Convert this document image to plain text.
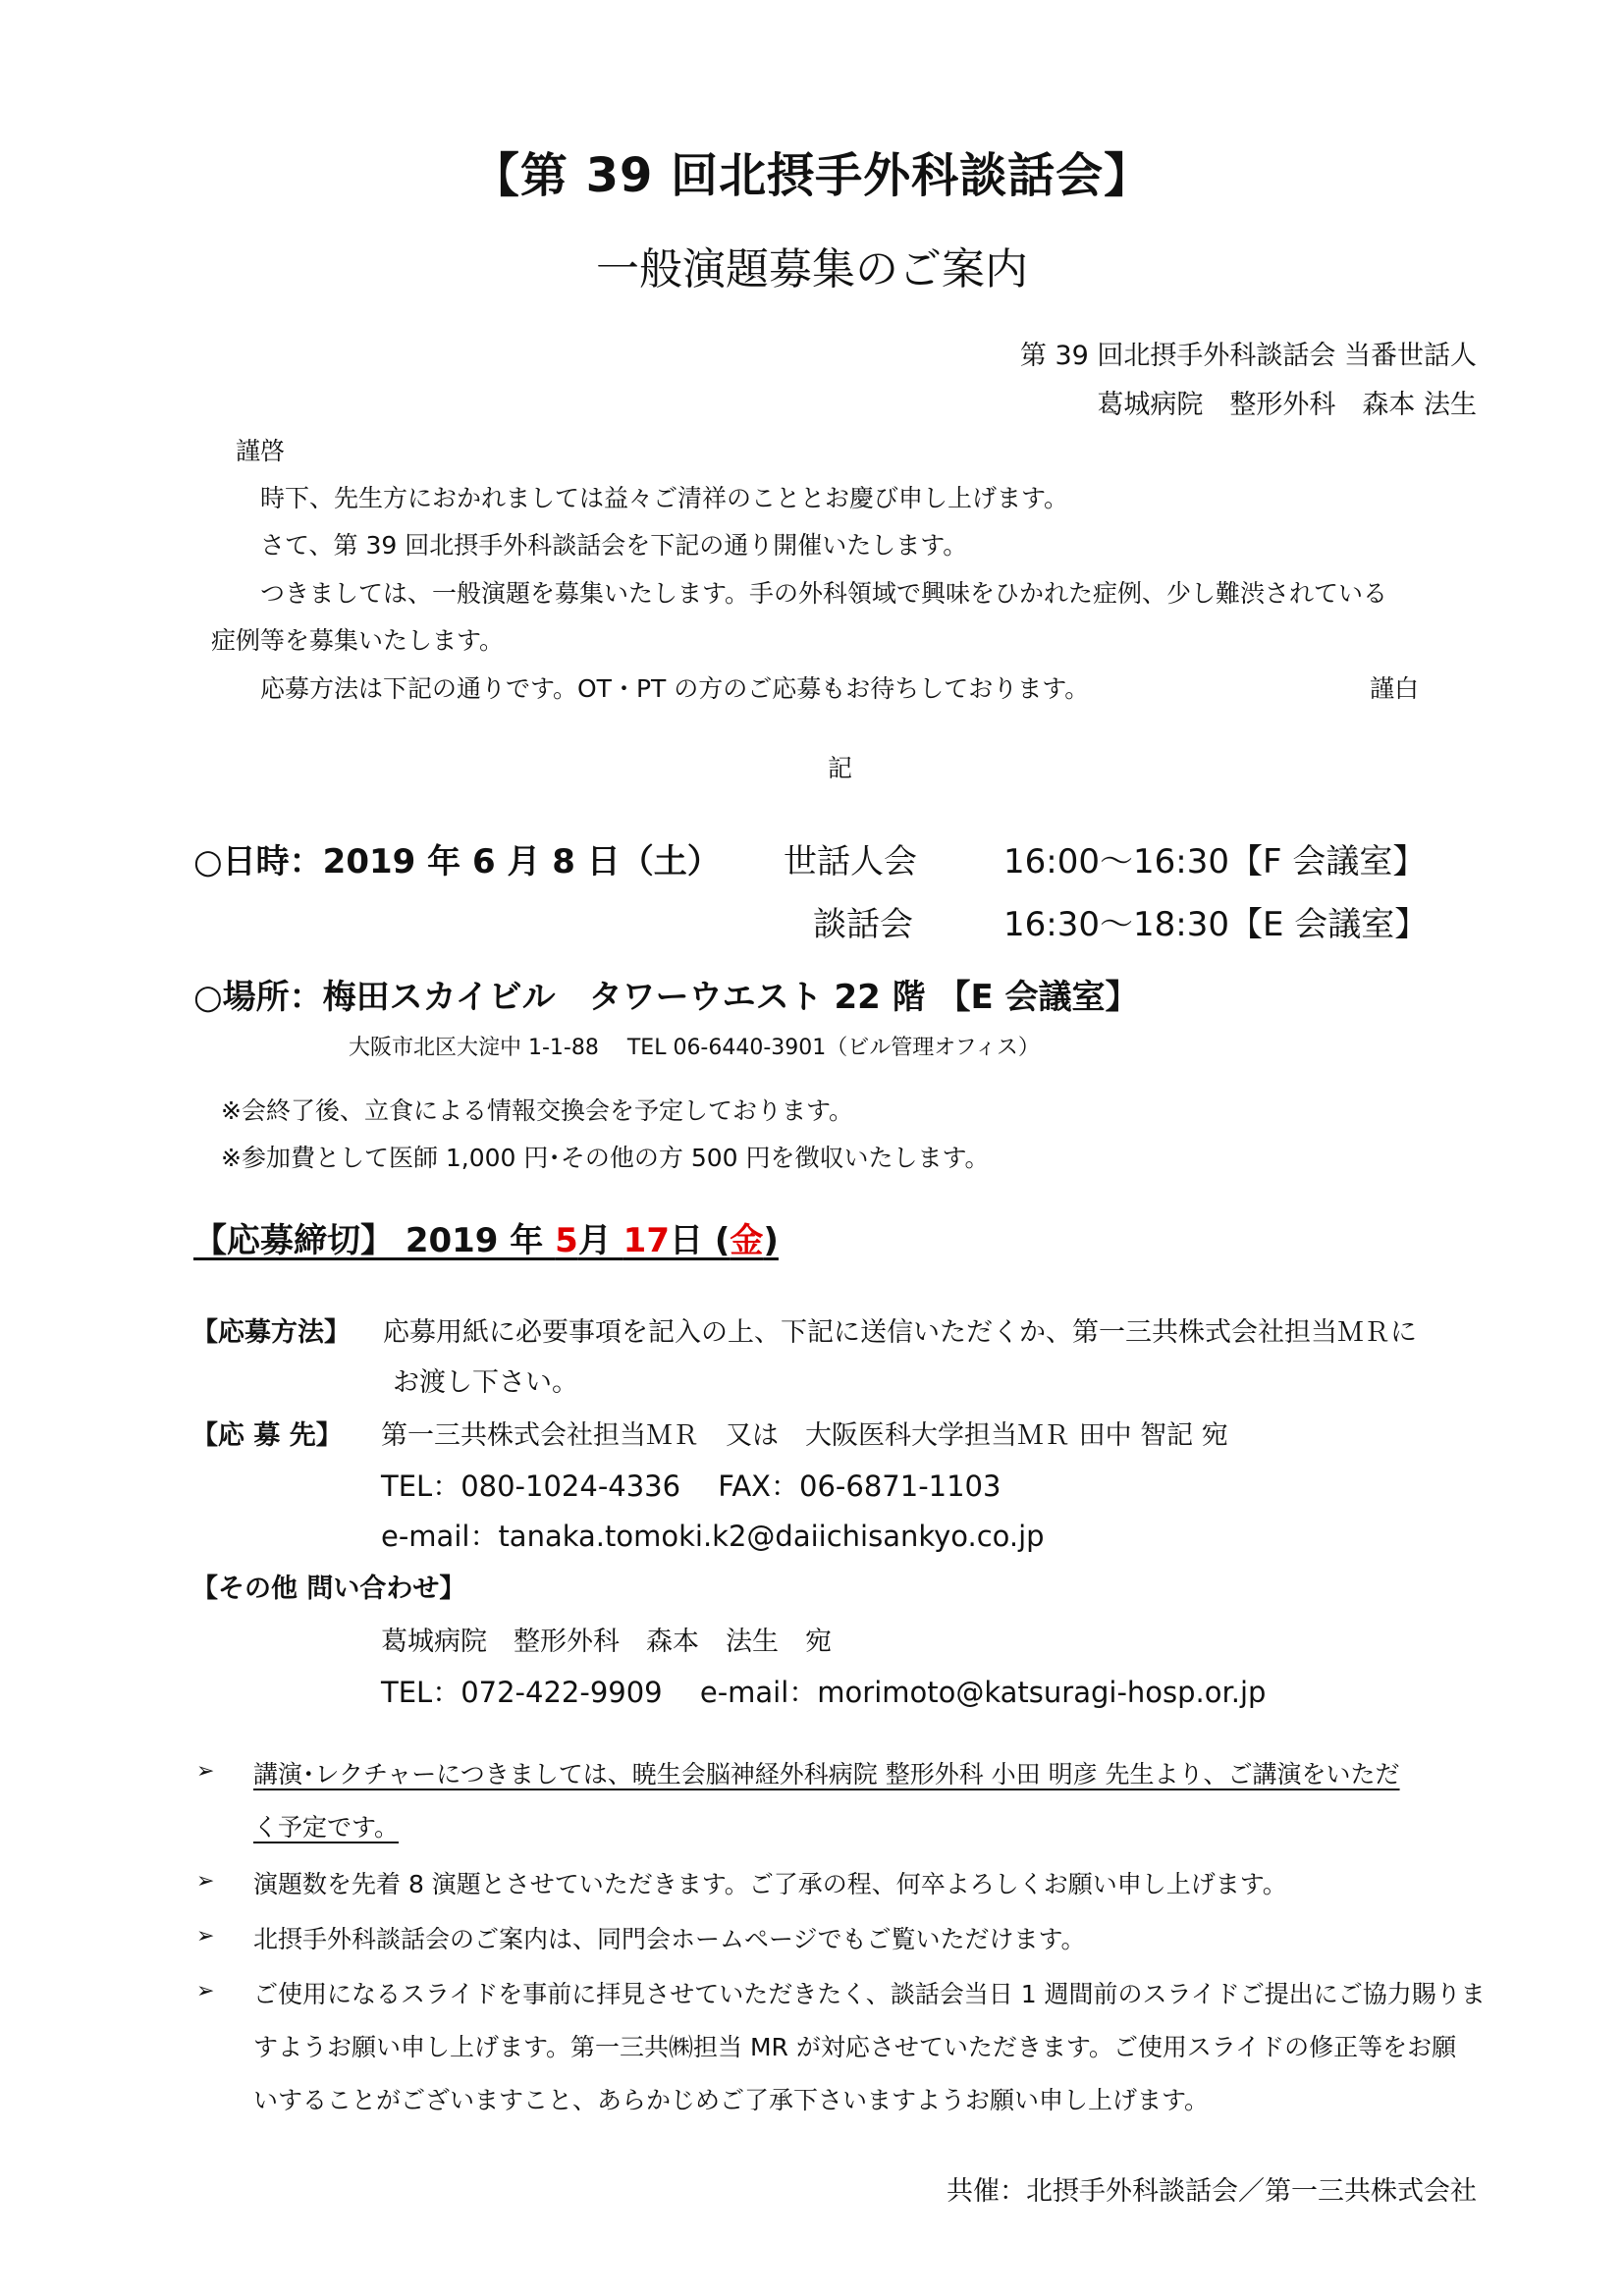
【第 39 回北摂手外科談話会】
一般演題募集のご案内
第 39 回北摂手外科談話会 当番世話人
葛城病院　整形外科　森本 法生
謹啓
時下、先生方におかれましては益々ご清祥のこととお慶び申し上げます。
さて、第 39 回北摂手外科談話会を下記の通り開催いたします。
つきましては、一般演題を募集いたします。手の外科領域で興味をひかれた症例、少し難渋されている
症例等を募集いたします。
応募方法は下記の通りです。OT・PT の方のご応募もお待ちしております。	謹白
記
○日時：2019 年 6 月 8 日（土） 世話人会	16:00～16:30【F 会議室】
談話会	16:30～18:30【E 会議室】
○場所：梅田スカイビル　タワーウエスト 22 階 【E 会議室】
大阪市北区大淀中 1-1-88　 TEL 06-6440-3901（ビル管理オフィス）
※会終了後、立食による情報交換会を予定しております。
※参加費として医師 1,000 円･その他の方 500 円を徴収いたします。
【応募締切】 2019 年 5月 17日 (金)
【応募方法】 応募用紙に必要事項を記入の上、下記に送信いただくか、第一三共株式会社担当ＭＲに
お渡し下さい。
【応 募 先】 第一三共株式会社担当ＭＲ　又は　大阪医科大学担当ＭＲ 田中 智記 宛
TEL：080-1024-4336　 FAX：06-6871-1103
e-mail：tanaka.tomoki.k2@daiichisankyo.co.jp
【その他 問い合わせ】
葛城病院　整形外科　森本　法生　宛
TEL：072-422-9909　 e-mail：morimoto@katsuragi-hosp.or.jp
➢ 講演･レクチャーにつきましては、暁生会脳神経外科病院 整形外科 小田 明彦 先生より、ご講演をいただ
く予定です。
➢ 演題数を先着 8 演題とさせていただきます。ご了承の程、何卒よろしくお願い申し上げます。
➢ 北摂手外科談話会のご案内は、同門会ホームページでもご覧いただけます。
➢ ご使用になるスライドを事前に拝見させていただきたく、談話会当日 1 週間前のスライドご提出にご協力賜りま
すようお願い申し上げます。第一三共㈱担当 MR が対応させていただきます。ご使用スライドの修正等をお願
いすることがございますこと、あらかじめご了承下さいますようお願い申し上げます。
共催：北摂手外科談話会／第一三共株式会社
